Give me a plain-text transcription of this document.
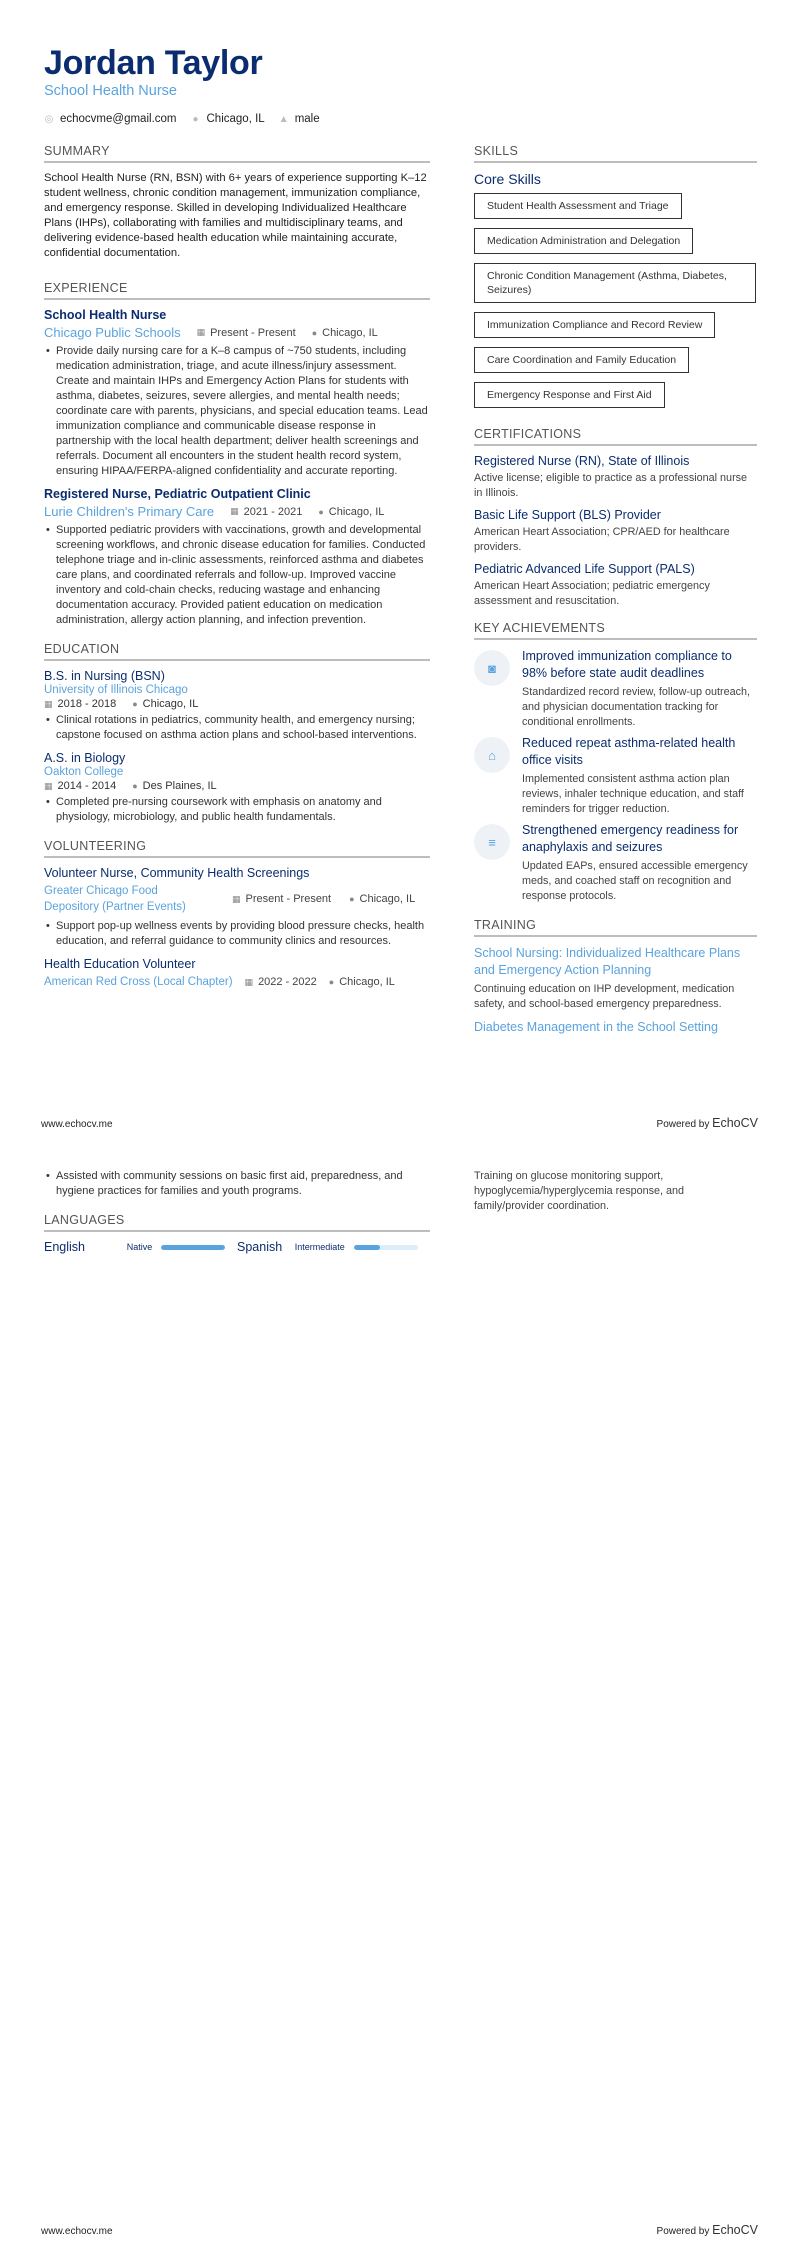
Jordan Taylor
School Health Nurse
◎ echocvme@gmail.com ● Chicago, IL ▲ male
SUMMARY

School Health Nurse (RN, BSN) with 6+ years of experience supporting K–12 student wellness, chronic condition management, immunization compliance, and emergency response. Skilled in developing Individualized Healthcare Plans (IHPs), collaborating with families and multidisciplinary teams, and delivering evidence-based health education while maintaining accurate, confidential documentation.

EXPERIENCE
School Health Nurse
Chicago Public Schools ▦ Present - Present ● Chicago, IL
• Provide daily nursing care for a K–8 campus of ~750 students, including medication administration, triage, and acute illness/injury assessment. Create and maintain IHPs and Emergency Action Plans for students with asthma, diabetes, seizures, severe allergies, and mental health needs; coordinate care with parents, physicians, and special education teams. Lead immunization compliance and communicable disease response in partnership with the local health department; deliver health screenings and referrals. Document all encounters in the student health record system, ensuring HIPAA/FERPA-aligned confidentiality and accurate reporting.
Registered Nurse, Pediatric Outpatient Clinic
Lurie Children's Primary Care ▦ 2021 - 2021 ● Chicago, IL
• Supported pediatric providers with vaccinations, growth and developmental screening workflows, and chronic disease education for families. Conducted telephone triage and in-clinic assessments, reinforced asthma and diabetes care plans, and coordinated referrals and follow-up. Improved vaccine inventory and cold-chain checks, reducing wastage and enhancing documentation accuracy. Provided patient education on medication administration, allergy action planning, and infection prevention.
EDUCATION
B.S. in Nursing (BSN)
University of Illinois Chicago
▦ 2018 - 2018 ● Chicago, IL
• Clinical rotations in pediatrics, community health, and emergency nursing; capstone focused on asthma action plans and school-based interventions.
A.S. in Biology
Oakton College
▦ 2014 - 2014 ● Des Plaines, IL
• Completed pre-nursing coursework with emphasis on anatomy and physiology, microbiology, and public health fundamentals.
VOLUNTEERING
Volunteer Nurse, Community Health Screenings
Greater Chicago Food
Depository (Partner Events)
▦ Present - Present ● Chicago, IL
• Support pop-up wellness events by providing blood pressure checks, health education, and referral guidance to community clinics and resources.
Health Education Volunteer
American Red Cross (Local Chapter) ▦ 2022 - 2022 ● Chicago, IL
SKILLS
Core Skills
Student Health Assessment and Triage
Medication Administration and Delegation
Chronic Condition Management (Asthma, Diabetes, Seizures)
Immunization Compliance and Record Review
Care Coordination and Family Education
Emergency Response and First Aid
CERTIFICATIONS
Registered Nurse (RN), State of Illinois
Active license; eligible to practice as a professional nurse in Illinois.
Basic Life Support (BLS) Provider
American Heart Association; CPR/AED for healthcare providers.
Pediatric Advanced Life Support (PALS)
American Heart Association; pediatric emergency assessment and resuscitation.
KEY ACHIEVEMENTS
◙
Improved immunization compliance to 98% before state audit deadlines
Standardized record review, follow-up outreach, and physician documentation tracking for conditional enrollments.
⌂
Reduced repeat asthma-related health office visits
Implemented consistent asthma action plan reviews, inhaler technique education, and staff reminders for trigger reduction.
≡
Strengthened emergency readiness for anaphylaxis and seizures
Updated EAPs, ensured accessible emergency meds, and coached staff on recognition and response protocols.
TRAINING
School Nursing: Individualized Healthcare Plans and Emergency Action Planning
Continuing education on IHP development, medication safety, and school-based emergency preparedness.
Diabetes Management in the School Setting
www.echocv.me	Powered by EchoCV
• Assisted with community sessions on basic first aid, preparedness, and hygiene practices for families and youth programs.
LANGUAGES
English	Native	Spanish	Intermediate
Training on glucose monitoring support, hypoglycemia/hyperglycemia response, and family/provider coordination.
www.echocv.me	Powered by EchoCV
